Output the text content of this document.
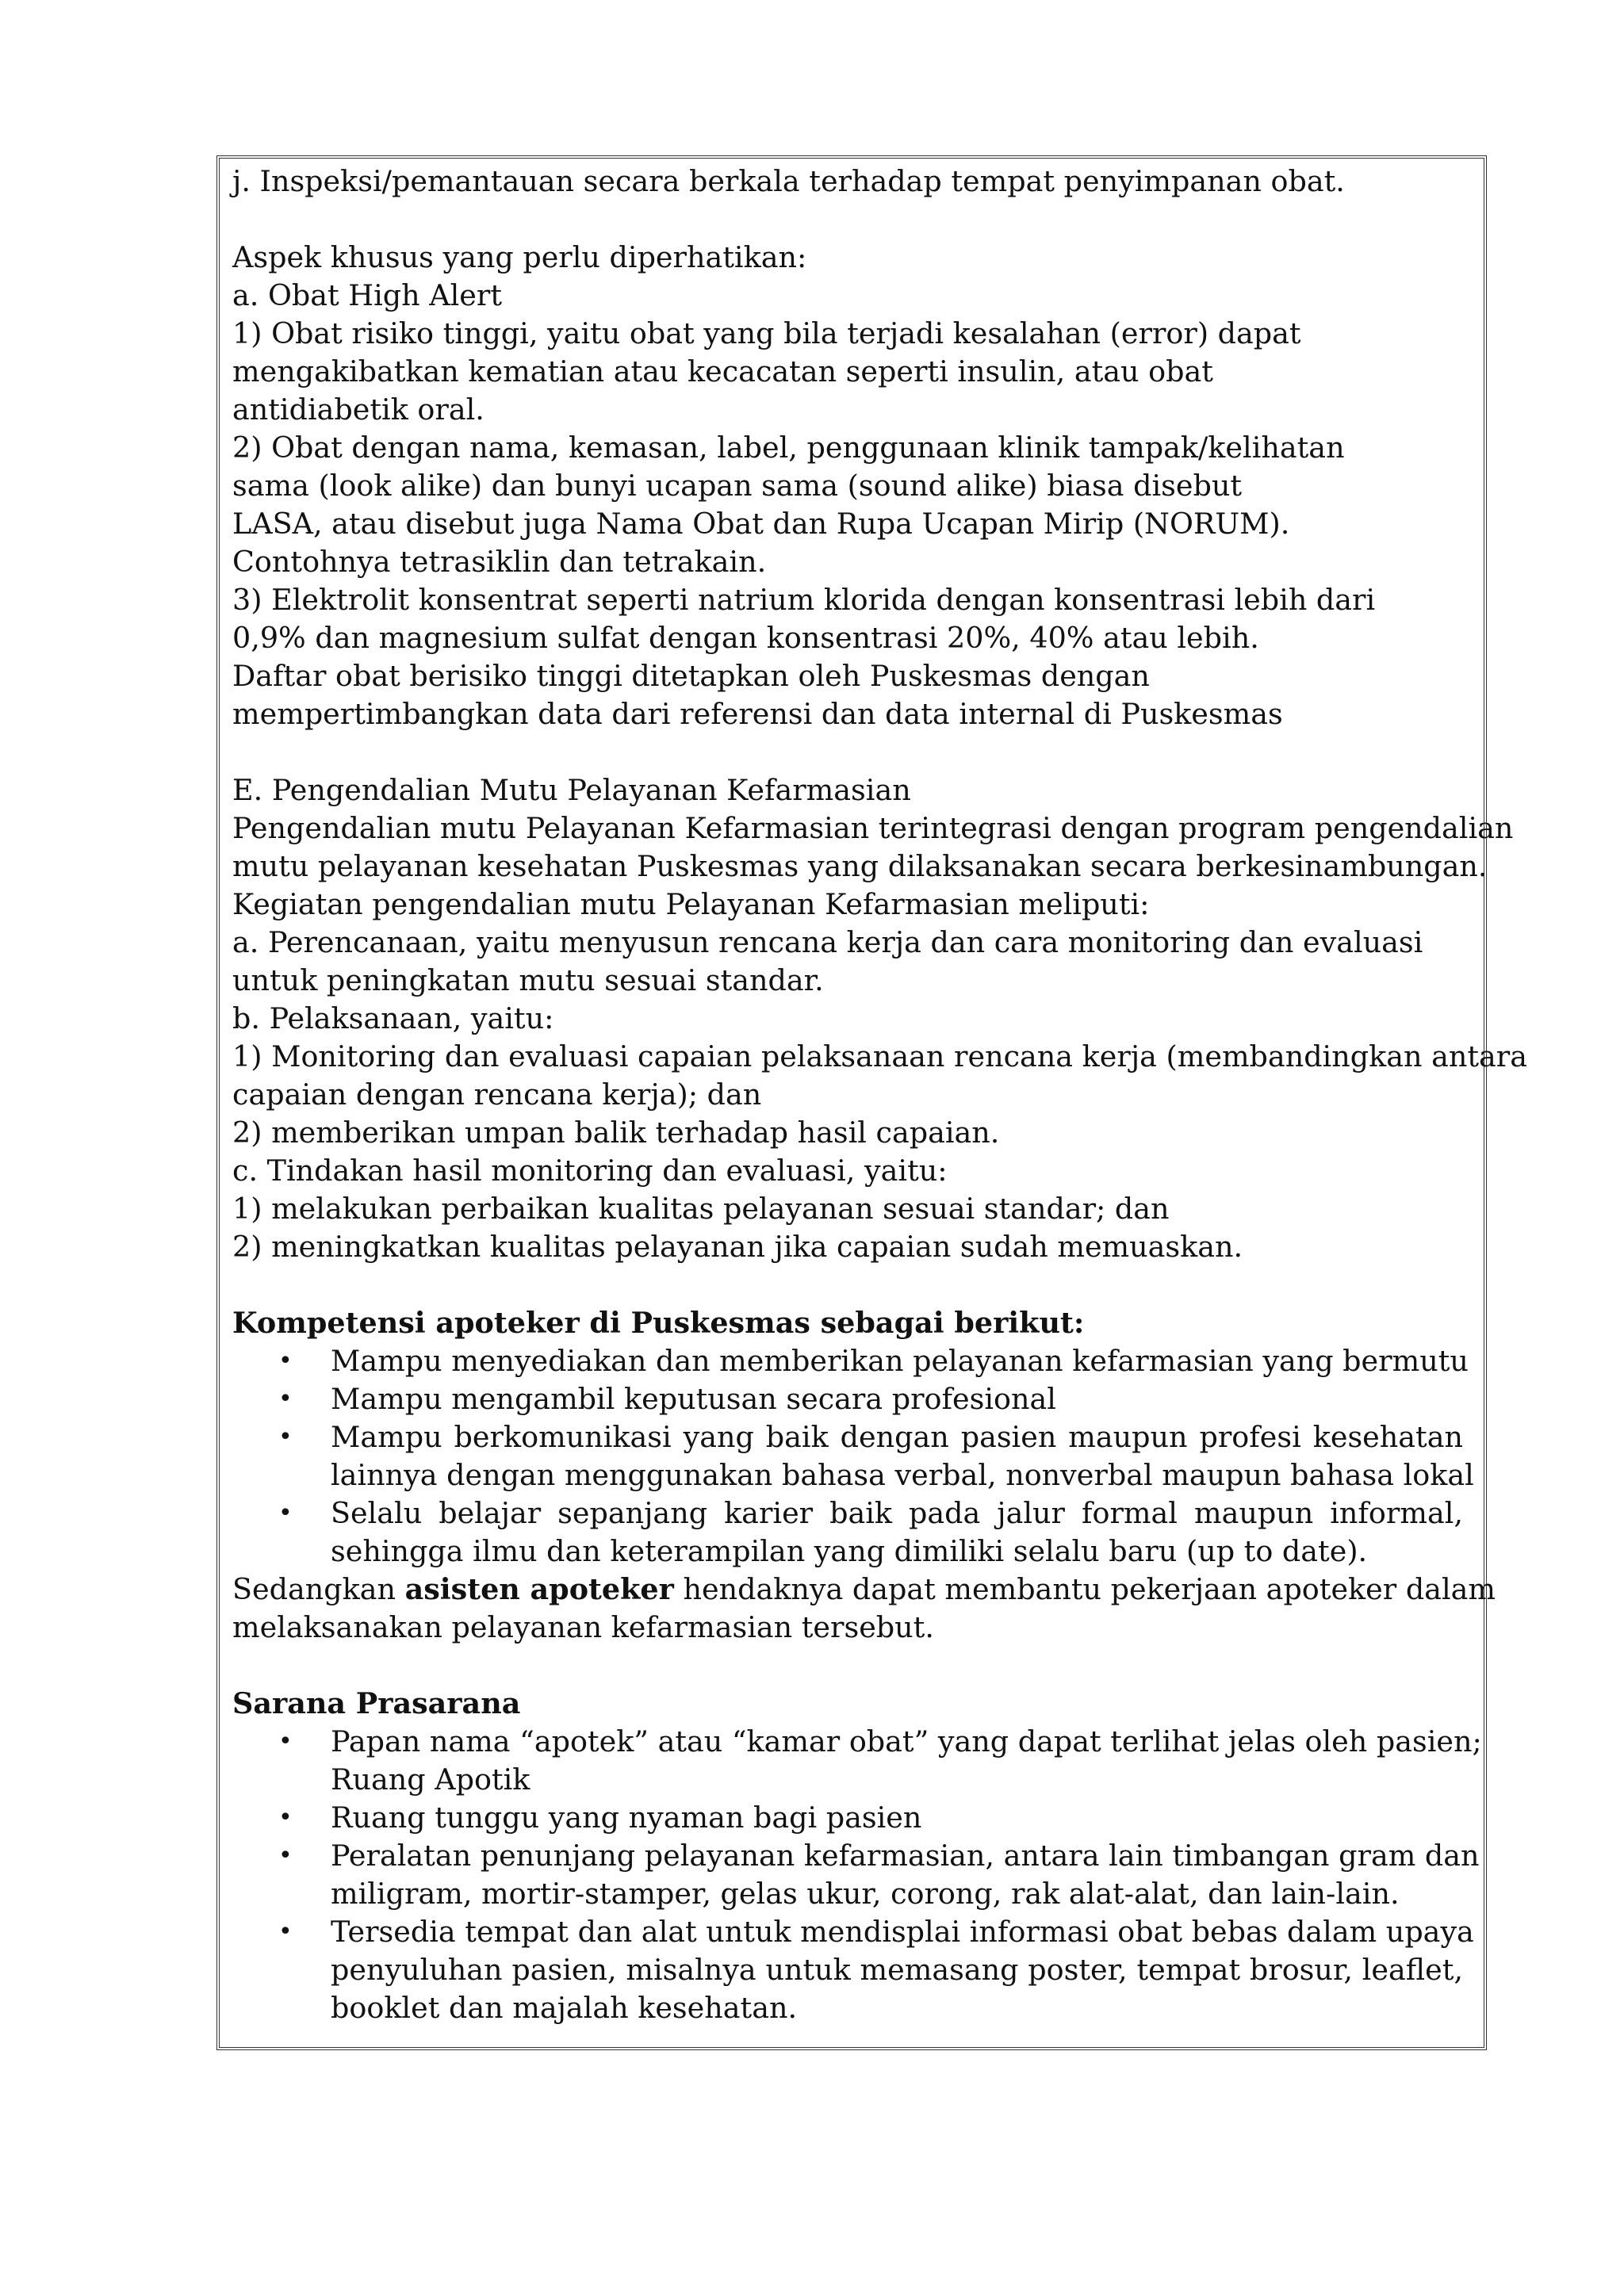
j. Inspeksi/pemantauan secara berkala terhadap tempat penyimpanan obat.
Aspek khusus yang perlu diperhatikan:
a. Obat High Alert
1) Obat risiko tinggi, yaitu obat yang bila terjadi kesalahan (error) dapat
mengakibatkan kematian atau kecacatan seperti insulin, atau obat
antidiabetik oral.
2) Obat dengan nama, kemasan, label, penggunaan klinik tampak/kelihatan
sama (look alike) dan bunyi ucapan sama (sound alike) biasa disebut
LASA, atau disebut juga Nama Obat dan Rupa Ucapan Mirip (NORUM).
Contohnya tetrasiklin dan tetrakain.
3) Elektrolit konsentrat seperti natrium klorida dengan konsentrasi lebih dari
0,9% dan magnesium sulfat dengan konsentrasi 20%, 40% atau lebih.
Daftar obat berisiko tinggi ditetapkan oleh Puskesmas dengan
mempertimbangkan data dari referensi dan data internal di Puskesmas
E. Pengendalian Mutu Pelayanan Kefarmasian
Pengendalian mutu Pelayanan Kefarmasian terintegrasi dengan program pengendalian
mutu pelayanan kesehatan Puskesmas yang dilaksanakan secara berkesinambungan.
Kegiatan pengendalian mutu Pelayanan Kefarmasian meliputi:
a. Perencanaan, yaitu menyusun rencana kerja dan cara monitoring dan evaluasi
untuk peningkatan mutu sesuai standar.
b. Pelaksanaan, yaitu:
1) Monitoring dan evaluasi capaian pelaksanaan rencana kerja (membandingkan antara
capaian dengan rencana kerja); dan
2) memberikan umpan balik terhadap hasil capaian.
c. Tindakan hasil monitoring dan evaluasi, yaitu:
1) melakukan perbaikan kualitas pelayanan sesuai standar; dan
2) meningkatkan kualitas pelayanan jika capaian sudah memuaskan.
Kompetensi apoteker di Puskesmas sebagai berikut:
• Mampu menyediakan dan memberikan pelayanan kefarmasian yang bermutu
• Mampu mengambil keputusan secara profesional
• Mampu berkomunikasi yang baik dengan pasien maupun profesi kesehatan
lainnya dengan menggunakan bahasa verbal, nonverbal maupun bahasa lokal
• Selalu belajar sepanjang karier baik pada jalur formal maupun informal,
sehingga ilmu dan keterampilan yang dimiliki selalu baru (up to date).
Sedangkan asisten apoteker hendaknya dapat membantu pekerjaan apoteker dalam
melaksanakan pelayanan kefarmasian tersebut.
Sarana Prasarana
• Papan nama “apotek” atau “kamar obat” yang dapat terlihat jelas oleh pasien;
Ruang Apotik
• Ruang tunggu yang nyaman bagi pasien
• Peralatan penunjang pelayanan kefarmasian, antara lain timbangan gram dan
miligram, mortir-stamper, gelas ukur, corong, rak alat-alat, dan lain-lain.
• Tersedia tempat dan alat untuk mendisplai informasi obat bebas dalam upaya
penyuluhan pasien, misalnya untuk memasang poster, tempat brosur, leaflet,
booklet dan majalah kesehatan.
